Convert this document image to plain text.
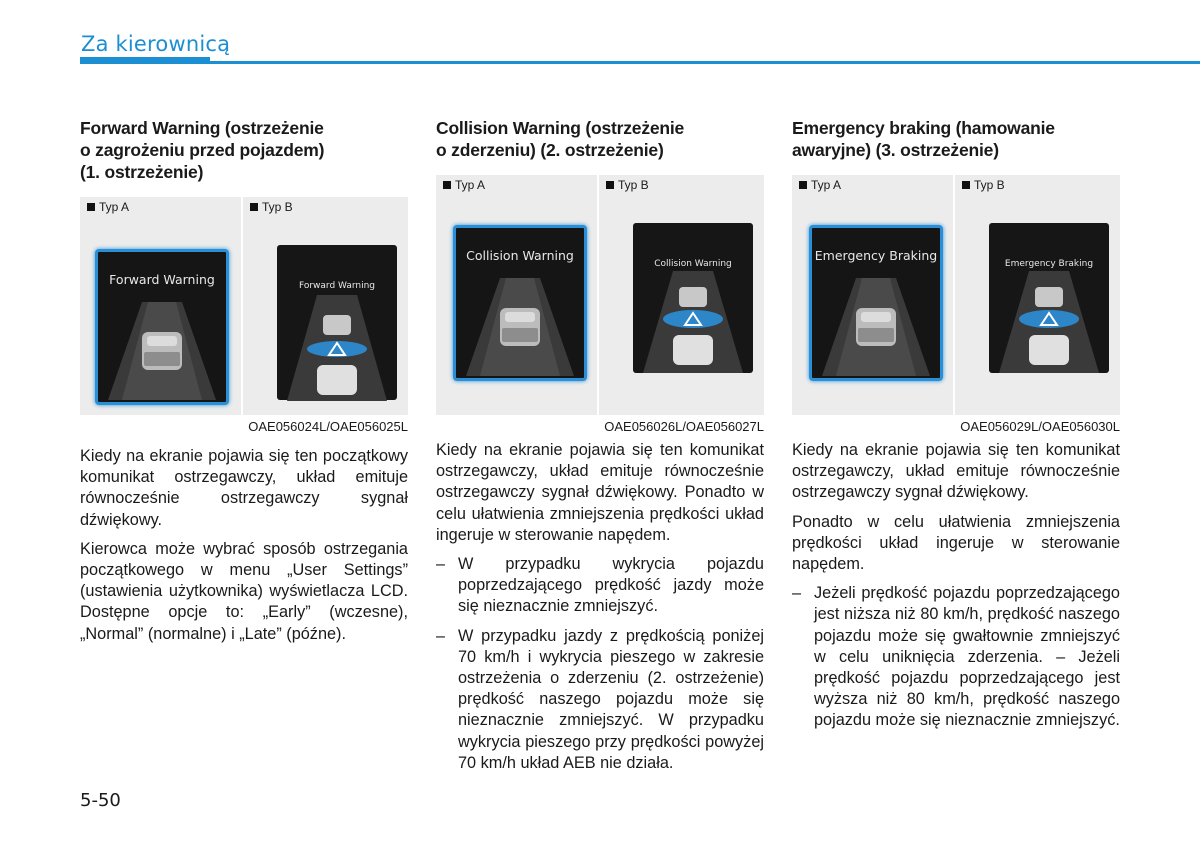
Za kierownicą
Forward Warning (ostrzeżenie
o zagrożeniu przed pojazdem)
(1. ostrzeżenie)
Typ A	Typ B
Forward Warning	Forward Warning
OAE056024L/OAE056025L

Kiedy na ekranie pojawia się ten początkowy komunikat ostrzegawczy, układ emituje równocześnie ostrzegawczy sygnał dźwiękowy.

Kierowca może wybrać sposób ostrzegania początkowego w menu „User Settings” (ustawienia użytkownika) wyświetlacza LCD. Dostępne opcje to: „Early” (wczesne), „Normal” (normalne) i „Late” (późne).

Collision Warning (ostrzeżenie
o zderzeniu) (2. ostrzeżenie)
Typ A	Typ B
Collision Warning
Collision Warning
OAE056026L/OAE056027L

Kiedy na ekranie pojawia się ten komunikat ostrzegawczy, układ emituje równocześnie ostrzegawczy sygnał dźwiękowy. Ponadto w celu ułatwienia zmniejszenia prędkości układ ingeruje w sterowanie napędem.

– W przypadku wykrycia pojazdu poprzedzającego prędkość jazdy może się nieznacznie zmniejszyć.
– W przypadku jazdy z prędkością poniżej 70 km/h i wykrycia pieszego w zakresie ostrzeżenia o zderzeniu (2. ostrzeżenie) prędkość naszego pojazdu może się nieznacznie zmniejszyć. W przypadku wykrycia pieszego przy prędkości powyżej 70 km/h układ AEB nie działa.
Emergency braking (hamowanie
awaryjne) (3. ostrzeżenie)
Typ A	Typ B
Emergency Braking
Emergency Braking
OAE056029L/OAE056030L

Kiedy na ekranie pojawia się ten komunikat ostrzegawczy, układ emituje równocześnie ostrzegawczy sygnał dźwiękowy.

Ponadto w celu ułatwienia zmniejszenia prędkości układ ingeruje w sterowanie napędem.

– Jeżeli prędkość pojazdu poprzedzającego jest niższa niż 80 km/h, prędkość naszego pojazdu może się gwałtownie zmniejszyć w celu uniknięcia zderzenia. – Jeżeli prędkość pojazdu poprzedzającego jest wyższa niż 80 km/h, prędkość naszego pojazdu może się nieznacznie zmniejszyć.
5-50
